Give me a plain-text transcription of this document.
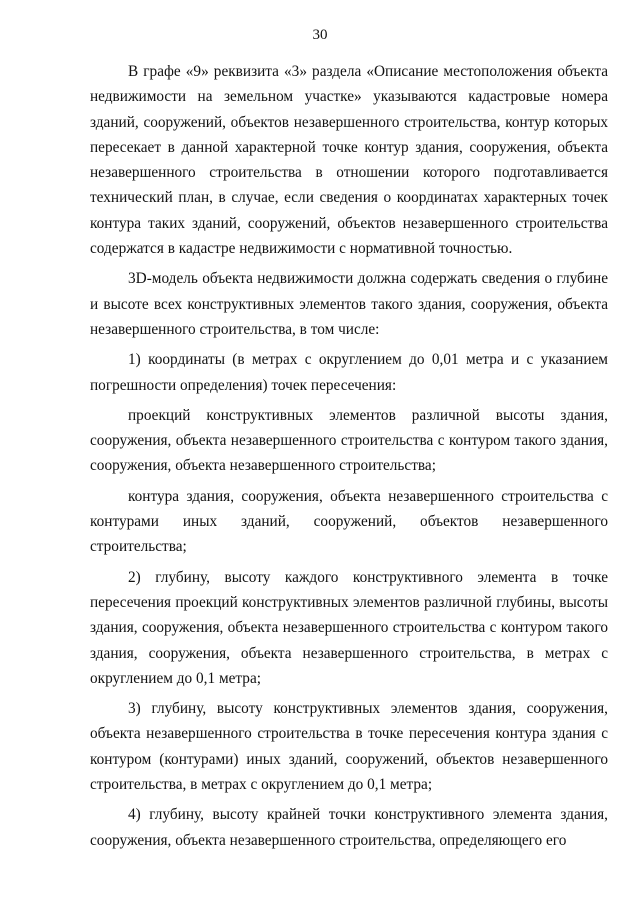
30

В графе «9» реквизита «3» раздела «Описание местоположения объекта недвижимости на земельном участке» указываются кадастровые номера зданий, сооружений, объектов незавершенного строительства, контур которых пересекает в данной характерной точке контур здания, сооружения, объекта незавершенного строительства в отношении которого подготавливается технический план, в случае, если сведения о координатах характерных точек контура таких зданий, сооружений, объектов незавершенного строительства содержатся в кадастре недвижимости с нормативной точностью.

3D-модель объекта недвижимости должна содержать сведения о глубине и высоте всех конструктивных элементов такого здания, сооружения, объекта незавершенного строительства, в том числе:

1) координаты (в метрах с округлением до 0,01 метра и с указанием погрешности определения) точек пересечения:

проекций конструктивных элементов различной высоты здания, сооружения, объекта незавершенного строительства с контуром такого здания, сооружения, объекта незавершенного строительства;

контура здания, сооружения, объекта незавершенного строительства с контурами иных зданий, сооружений, объектов незавершенного строительства;

2) глубину, высоту каждого конструктивного элемента в точке пересечения проекций конструктивных элементов различной глубины, высоты здания, сооружения, объекта незавершенного строительства с контуром такого здания, сооружения, объекта незавершенного строительства, в метрах с округлением до 0,1 метра;

3) глубину, высоту конструктивных элементов здания, сооружения, объекта незавершенного строительства в точке пересечения контура здания с контуром (контурами) иных зданий, сооружений, объектов незавершенного строительства, в метрах с округлением до 0,1 метра;

4) глубину, высоту крайней точки конструктивного элемента здания, сооружения, объекта незавершенного строительства, определяющего его
